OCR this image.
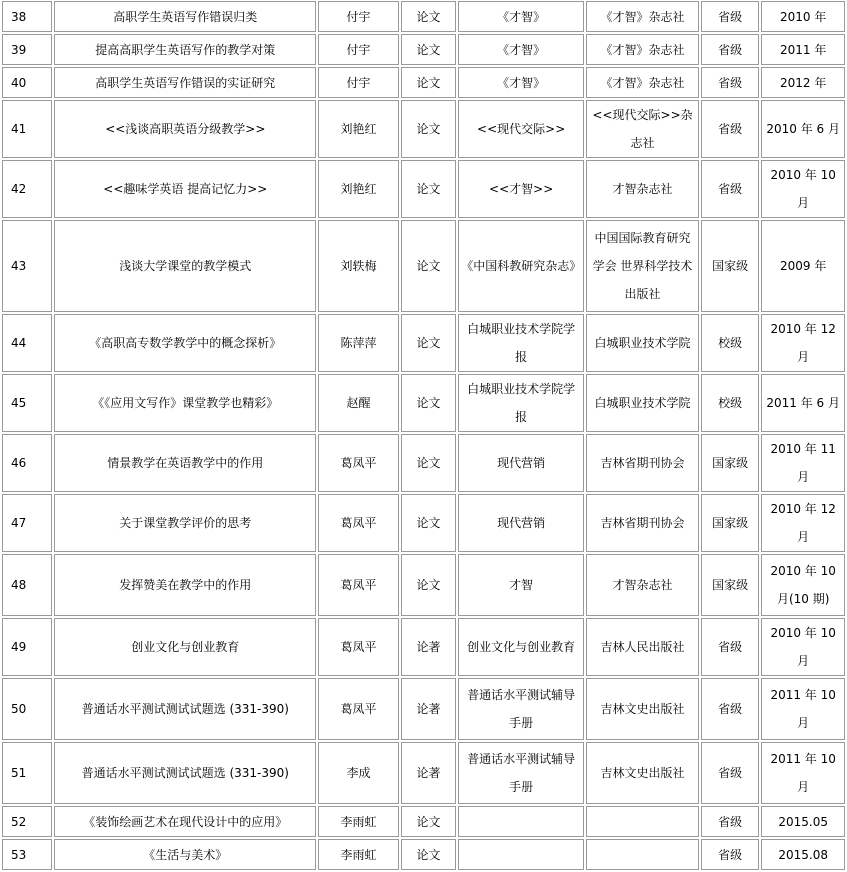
38	高职学生英语写作错误归类	付宇	论文	《才智》	《才智》杂志社	省级	2010 年
39	提高高职学生英语写作的教学对策	付宇	论文	《才智》	《才智》杂志社	省级	2011 年
40	高职学生英语写作错误的实证研究	付宇	论文	《才智》	《才智》杂志社	省级	2012 年
41	<<浅谈高职英语分级教学>>	刘艳红	论文	<<现代交际>>	<<现代交际>>杂志社	省级	2010 年 6 月
42	<<趣味学英语 提高记忆力>>	刘艳红	论文	<<才智>>	才智杂志社	省级	2010 年 10 月
43	浅谈大学课堂的教学模式	刘轶梅	论文	《中国科教研究杂志》	中国国际教育研究学会 世界科学技术出版社	国家级	2009 年
44	《高职高专数学教学中的概念探析》	陈萍萍	论文	白城职业技术学院学报	白城职业技术学院	校级	2010 年 12 月
45	《《应用文写作》课堂教学也精彩》	赵醒	论文	白城职业技术学院学报	白城职业技术学院	校级	2011 年 6 月
46	情景教学在英语教学中的作用	葛凤平	论文	现代营销	吉林省期刊协会	国家级	2010 年 11 月
47	关于课堂教学评价的思考	葛凤平	论文	现代营销	吉林省期刊协会	国家级	2010 年 12 月
48	发挥赞美在教学中的作用	葛凤平	论文	才智	才智杂志社	国家级	2010 年 10 月(10 期)
49	创业文化与创业教育	葛凤平	论著	创业文化与创业教育	吉林人民出版社	省级	2010 年 10 月
50	普通话水平测试测试试题选 (331-390)	葛凤平	论著	普通话水平测试辅导手册	吉林文史出版社	省级	2011 年 10 月
51	普通话水平测试测试试题选 (331-390)	李成	论著	普通话水平测试辅导手册	吉林文史出版社	省级	2011 年 10 月
52	《装饰绘画艺术在现代设计中的应用》	李雨虹	论文			省级	2015.05
53	《生活与美术》	李雨虹	论文			省级	2015.08
